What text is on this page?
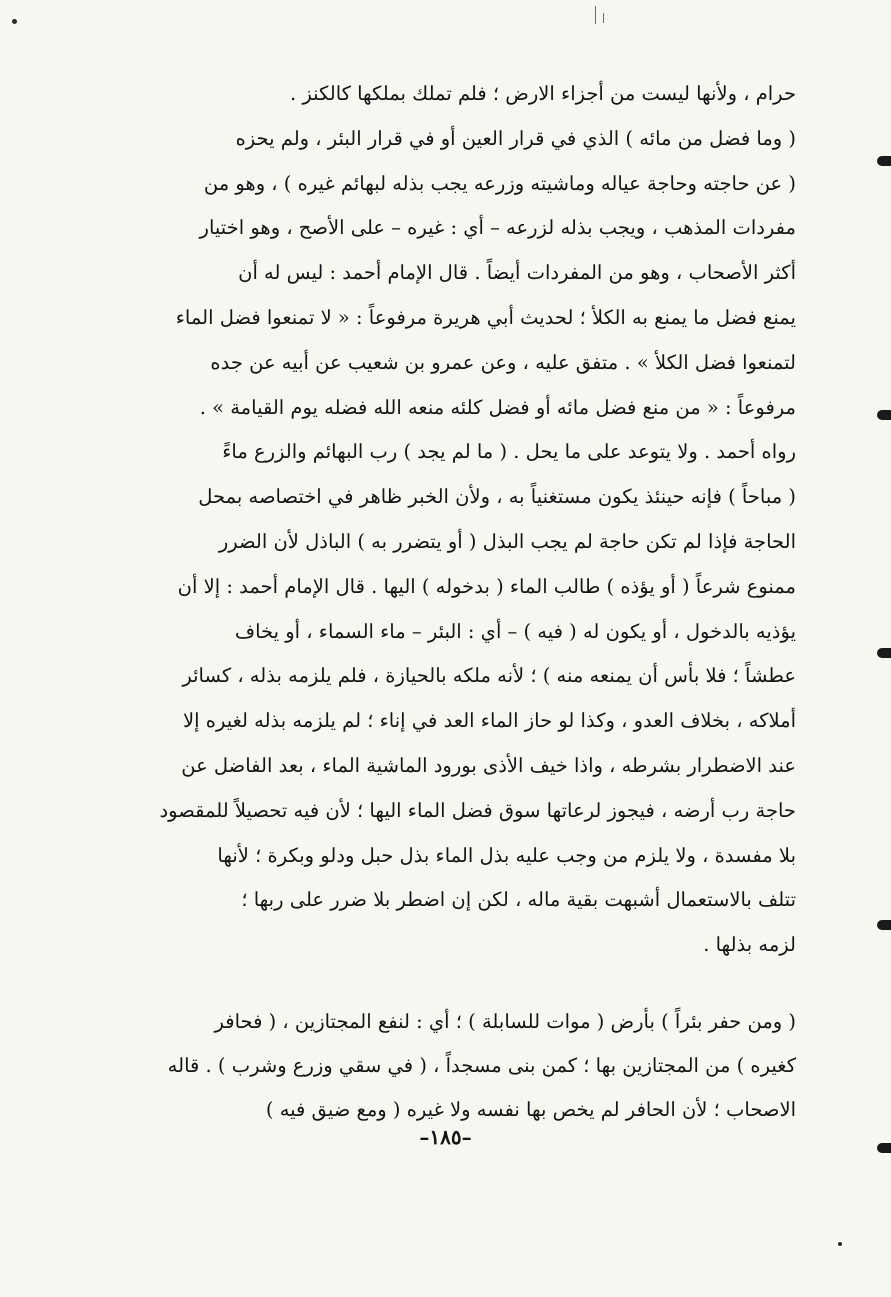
حرام ، ولأنها ليست من أجزاء الارض ؛ فلم تملك بملكها كالكنز .
( وما فضل من مائه ) الذي في قرار العين أو في قرار البئر ، ولم يحزه
( عن حاجته وحاجة عياله وماشيته وزرعه يجب بذله لبهائم غيره ) ، وهو من
مفردات المذهب ، ويجب بذله لزرعه – أي : غيره – على الأصح ، وهو اختيار
أكثر الأصحاب ، وهو من المفردات أيضاً . قال الإمام أحمد : ليس له أن
يمنع فضل ما يمنع به الكلأ ؛ لحديث أبي هريرة مرفوعاً : « لا تمنعوا فضل الماء
لتمنعوا فضل الكلأ » . متفق عليه ، وعن عمرو بن شعيب عن أبيه عن جده
مرفوعاً : « من منع فضل مائه أو فضل كلئه منعه الله فضله يوم القيامة » .
رواه أحمد . ولا يتوعد على ما يحل . ( ما لم يجد ) رب البهائم والزرع ماءً
( مباحاً ) فإنه حينئذ يكون مستغنياً به ، ولأن الخبر ظاهر في اختصاصه بمحل
الحاجة فإذا لم تكن حاجة لم يجب البذل ( أو يتضرر به ) الباذل لأن الضرر
ممنوع شرعاً ( أو يؤذه ) طالب الماء ( بدخوله ) اليها . قال الإمام أحمد : إلا أن
يؤذيه بالدخول ، أو يكون له ( فيه ) – أي : البئر – ماء السماء ، أو يخاف
عطشاً ؛ فلا بأس أن يمنعه منه ) ؛ لأنه ملكه بالحيازة ، فلم يلزمه بذله ، كسائر
أملاكه ، بخلاف العدو ، وكذا لو حاز الماء العد في إناء ؛ لم يلزمه بذله لغيره إلا
عند الاضطرار بشرطه ، واذا خيف الأذى بورود الماشية الماء ، بعد الفاضل عن
حاجة رب أرضه ، فيجوز لرعاتها سوق فضل الماء اليها ؛ لأن فيه تحصيلاً للمقصود
بلا مفسدة ، ولا يلزم من وجب عليه بذل الماء بذل حبل ودلو وبكرة ؛ لأنها
تتلف بالاستعمال أشبهت بقية ماله ، لكن إن اضطر بلا ضرر على ربها ؛
لزمه بذلها .
( ومن حفر بئراً ) بأرض ( موات للسابلة ) ؛ أي : لنفع المجتازين ، ( فحافر
كغيره ) من المجتازين بها ؛ كمن بنى مسجداً ، ( في سقي وزرع وشرب ) . قاله
الاصحاب ؛ لأن الحافر لم يخص بها نفسه ولا غيره ( ومع ضيق فيه )
–١٨٥–
